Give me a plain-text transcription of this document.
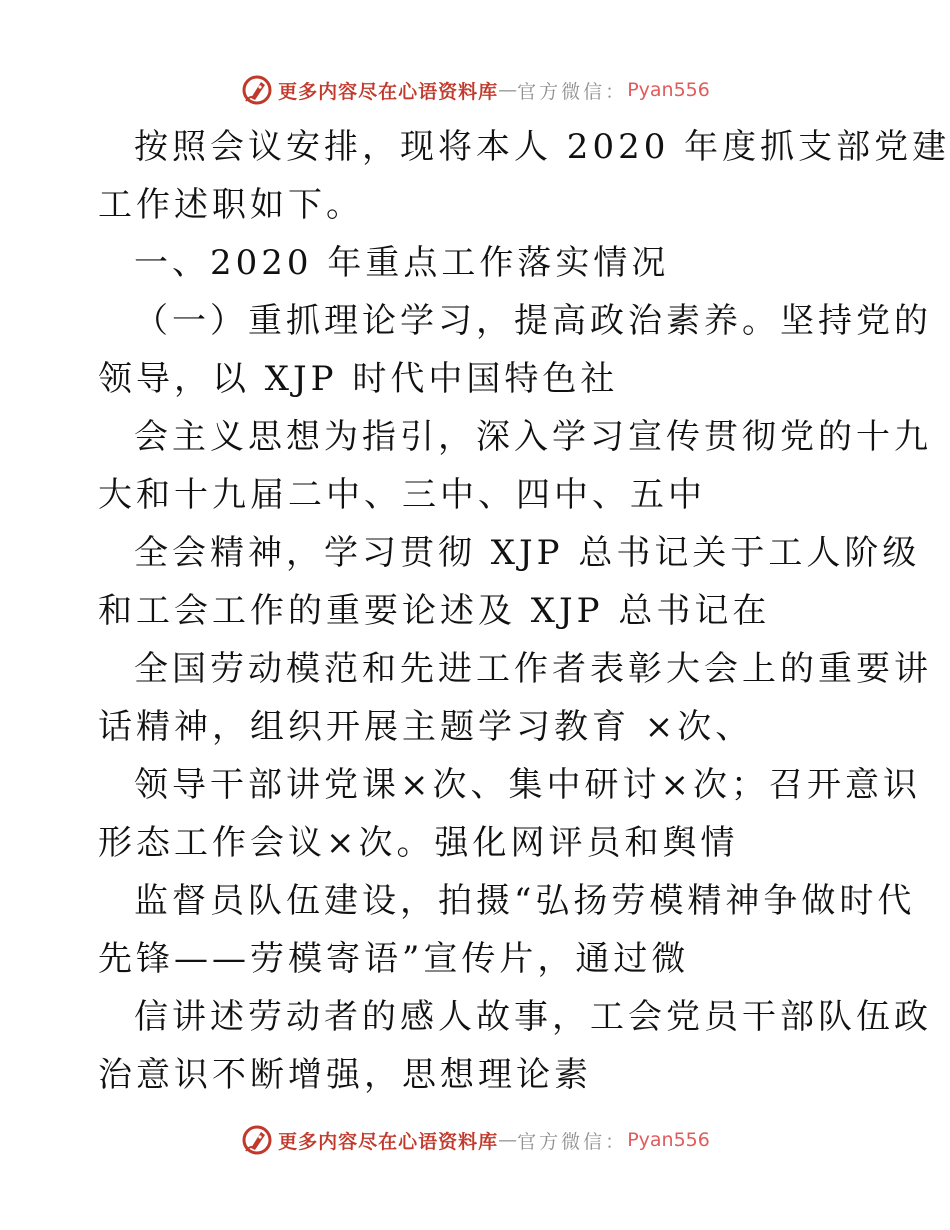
更多内容尽在心语资料库 — 官方微信： Pyan556

按照会议安排，现将本人 2020 年度抓支部党建

工作述职如下。

一、2020 年重点工作落实情况

（一）重抓理论学习，提高政治素养。坚持党的

领导，以 XJP 时代中国特色社

会主义思想为指引，深入学习宣传贯彻党的十九

大和十九届二中、三中、四中、五中

全会精神，学习贯彻 XJP 总书记关于工人阶级

和工会工作的重要论述及 XJP 总书记在

全国劳动模范和先进工作者表彰大会上的重要讲

话精神，组织开展主题学习教育 ×次、

领导干部讲党课×次、集中研讨×次；召开意识

形态工作会议×次。强化网评员和舆情

监督员队伍建设，拍摄“弘扬劳模精神争做时代

先锋——劳模寄语”宣传片，通过微

信讲述劳动者的感人故事，工会党员干部队伍政

治意识不断增强，思想理论素

更多内容尽在心语资料库 — 官方微信： Pyan556
